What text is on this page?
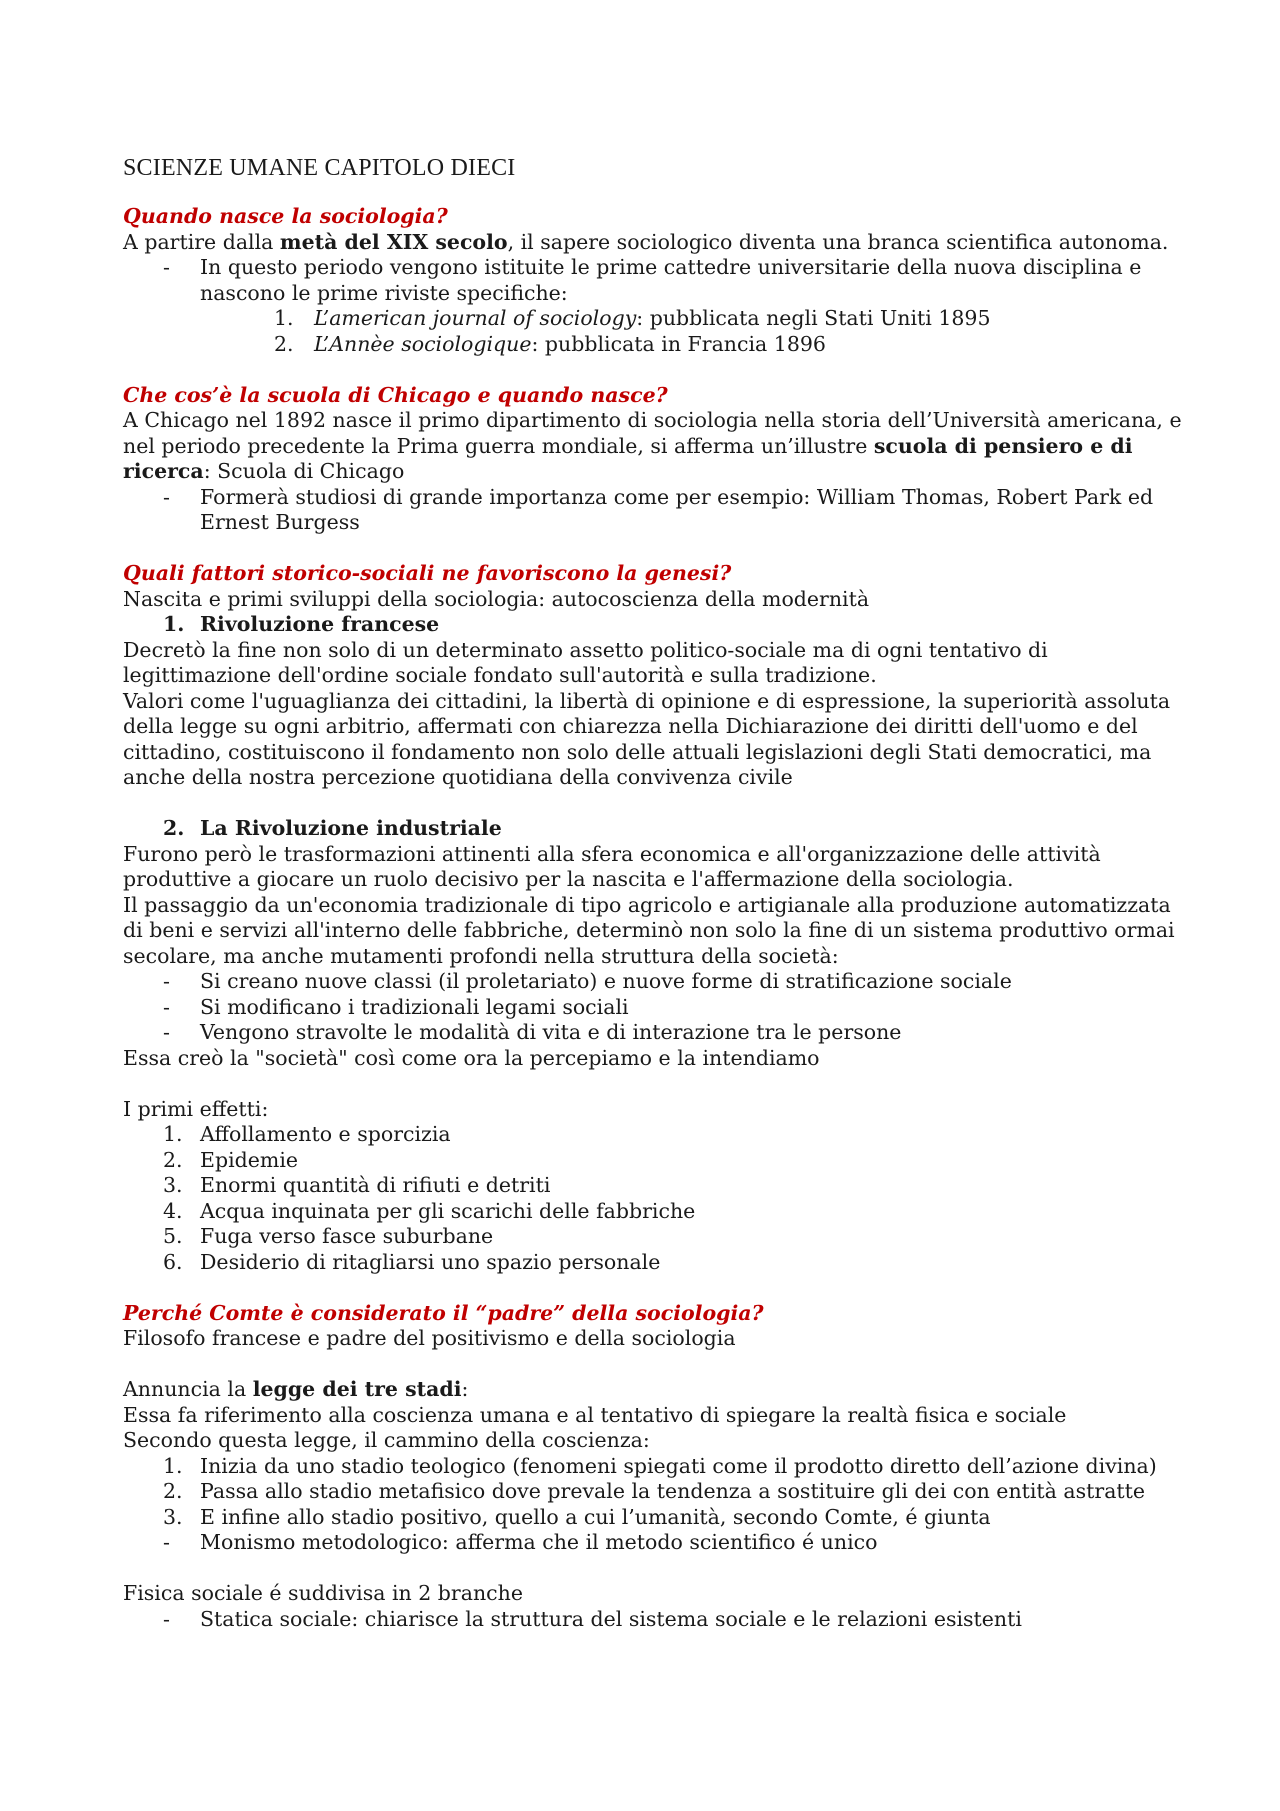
SCIENZE UMANE CAPITOLO DIECI

Quando nasce la sociologia?

A partire dalla metà del XIX secolo, il sapere sociologico diventa una branca scientifica autonoma.

- In questo periodo vengono istituite le prime cattedre universitarie della nuova disciplina e nascono le prime riviste specifiche:
1. L’american journal of sociology: pubblicata negli Stati Uniti 1895
2. L’Annèe sociologique: pubblicata in Francia 1896

Che cos’è la scuola di Chicago e quando nasce?

A Chicago nel 1892 nasce il primo dipartimento di sociologia nella storia dell’Università americana, e nel periodo precedente la Prima guerra mondiale, si afferma un’illustre scuola di pensiero e di ricerca: Scuola di Chicago

- Formerà studiosi di grande importanza come per esempio: William Thomas, Robert Park ed Ernest Burgess

Quali fattori storico-sociali ne favoriscono la genesi?

Nascita e primi sviluppi della sociologia: autocoscienza della modernità

1. Rivoluzione francese

Decretò la fine non solo di un determinato assetto politico-sociale ma di ogni tentativo di legittimazione dell'ordine sociale fondato sull'autorità e sulla tradizione.

Valori come l'uguaglianza dei cittadini, la libertà di opinione e di espressione, la superiorità assoluta della legge su ogni arbitrio, affermati con chiarezza nella Dichiarazione dei diritti dell'uomo e del cittadino, costituiscono il fondamento non solo delle attuali legislazioni degli Stati democratici, ma anche della nostra percezione quotidiana della convivenza civile

2. La Rivoluzione industriale

Furono però le trasformazioni attinenti alla sfera economica e all'organizzazione delle attività produttive a giocare un ruolo decisivo per la nascita e l'affermazione della sociologia.

Il passaggio da un'economia tradizionale di tipo agricolo e artigianale alla produzione automatizzata di beni e servizi all'interno delle fabbriche, determinò non solo la fine di un sistema produttivo ormai secolare, ma anche mutamenti profondi nella struttura della società:

- Si creano nuove classi (il proletariato) e nuove forme di stratificazione sociale
- Si modificano i tradizionali legami sociali
- Vengono stravolte le modalità di vita e di interazione tra le persone

Essa creò la "società" così come ora la percepiamo e la intendiamo

I primi effetti:

1. Affollamento e sporcizia
2. Epidemie
3. Enormi quantità di rifiuti e detriti
4. Acqua inquinata per gli scarichi delle fabbriche
5. Fuga verso fasce suburbane
6. Desiderio di ritagliarsi uno spazio personale

Perché Comte è considerato il “padre” della sociologia?

Filosofo francese e padre del positivismo e della sociologia

Annuncia la legge dei tre stadi:

Essa fa riferimento alla coscienza umana e al tentativo di spiegare la realtà fisica e sociale

Secondo questa legge, il cammino della coscienza:

1. Inizia da uno stadio teologico (fenomeni spiegati come il prodotto diretto dell’azione divina)
2. Passa allo stadio metafisico dove prevale la tendenza a sostituire gli dei con entità astratte
3. E infine allo stadio positivo, quello a cui l’umanità, secondo Comte, é giunta
- Monismo metodologico: afferma che il metodo scientifico é unico

Fisica sociale é suddivisa in 2 branche

- Statica sociale: chiarisce la struttura del sistema sociale e le relazioni esistenti
